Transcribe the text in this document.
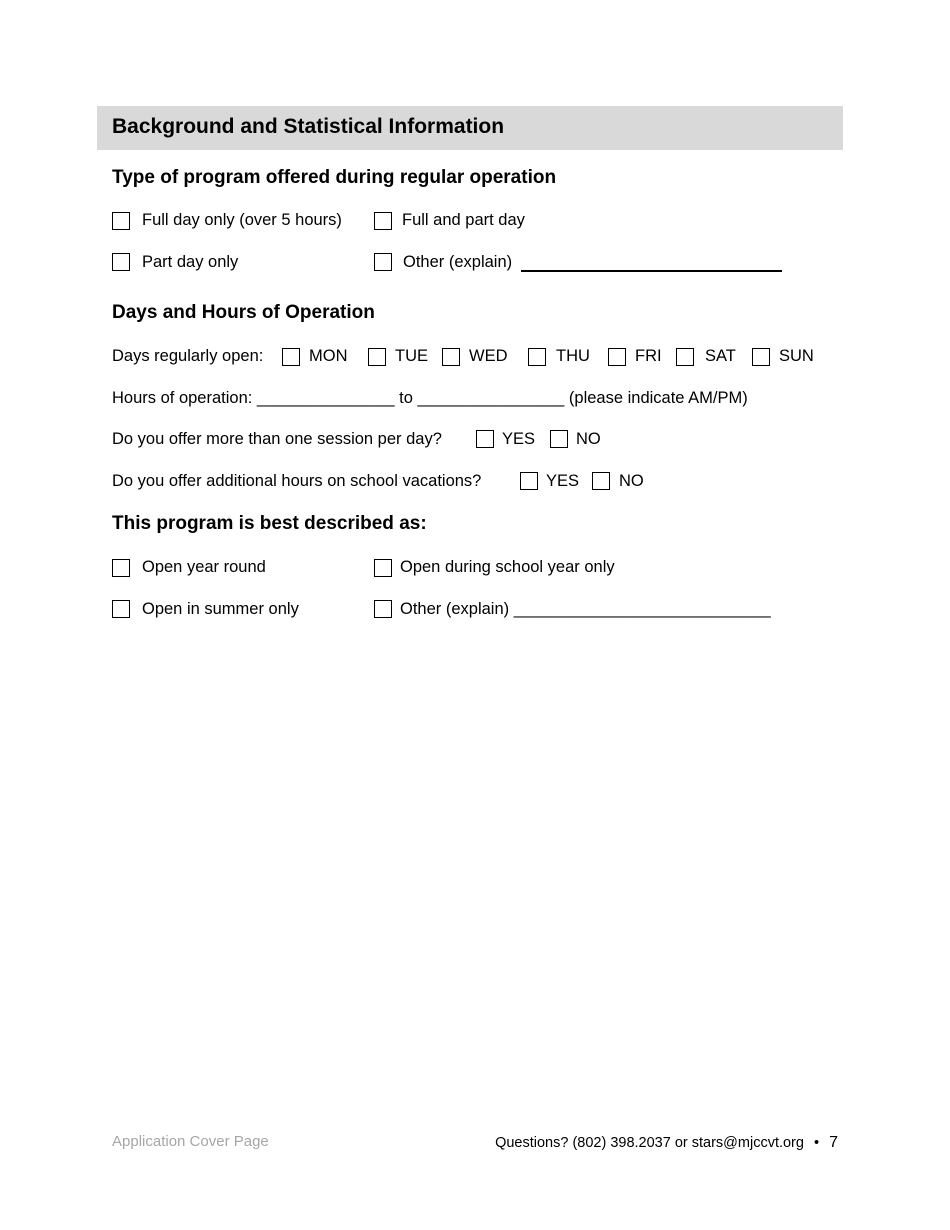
Background and Statistical Information
Type of program offered during regular operation
Full day only (over 5 hours)	Full and part day
Part day only	Other (explain)
Days and Hours of Operation
Days regularly open:	MON	TUE WED	THU	FRI	SAT	SUN
Hours of operation: _______________ to ________________ (please indicate AM/PM)
Do you offer more than one session per day?	YES NO
Do you offer additional hours on school vacations?	YES NO
This program is best described as:
Open year round	Open during school year only
Open in summer only	Other (explain) ____________________________
Application Cover Page	Questions? (802) 398.2037 or stars@mjccvt.org • 7
